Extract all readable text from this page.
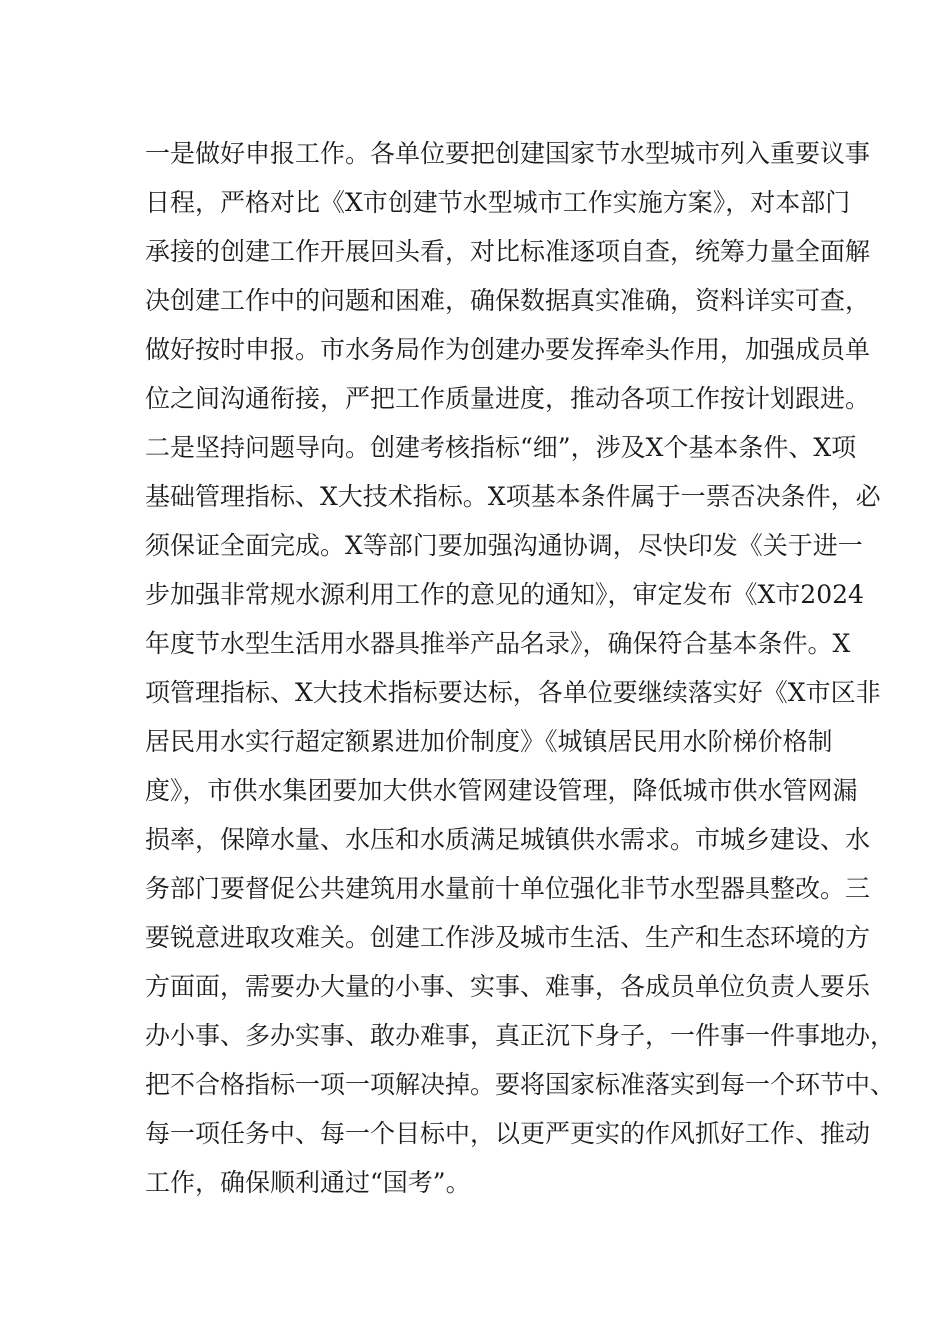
一是做好申报工作。各单位要把创建国家节水型城市列入重要议事
日程，严格对比《X市创建节水型城市工作实施方案》，对本部门
承接的创建工作开展回头看，对比标准逐项自查，统筹力量全面解
决创建工作中的问题和困难，确保数据真实准确，资料详实可查，
做好按时申报。市水务局作为创建办要发挥牵头作用，加强成员单
位之间沟通衔接，严把工作质量进度，推动各项工作按计划跟进。
二是坚持问题导向。创建考核指标“细”，涉及X个基本条件、X项
基础管理指标、X大技术指标。X项基本条件属于一票否决条件，必
须保证全面完成。X等部门要加强沟通协调，尽快印发《关于进一
步加强非常规水源利用工作的意见的通知》，审定发布《X市2024
年度节水型生活用水器具推举产品名录》，确保符合基本条件。X
项管理指标、X大技术指标要达标，各单位要继续落实好《X市区非
居民用水实行超定额累进加价制度》《城镇居民用水阶梯价格制
度》，市供水集团要加大供水管网建设管理，降低城市供水管网漏
损率，保障水量、水压和水质满足城镇供水需求。市城乡建设、水
务部门要督促公共建筑用水量前十单位强化非节水型器具整改。三
要锐意进取攻难关。创建工作涉及城市生活、生产和生态环境的方
方面面，需要办大量的小事、实事、难事，各成员单位负责人要乐
办小事、多办实事、敢办难事，真正沉下身子，一件事一件事地办，
把不合格指标一项一项解决掉。要将国家标准落实到每一个环节中、
每一项任务中、每一个目标中，以更严更实的作风抓好工作、推动
工作，确保顺利通过“国考”。
